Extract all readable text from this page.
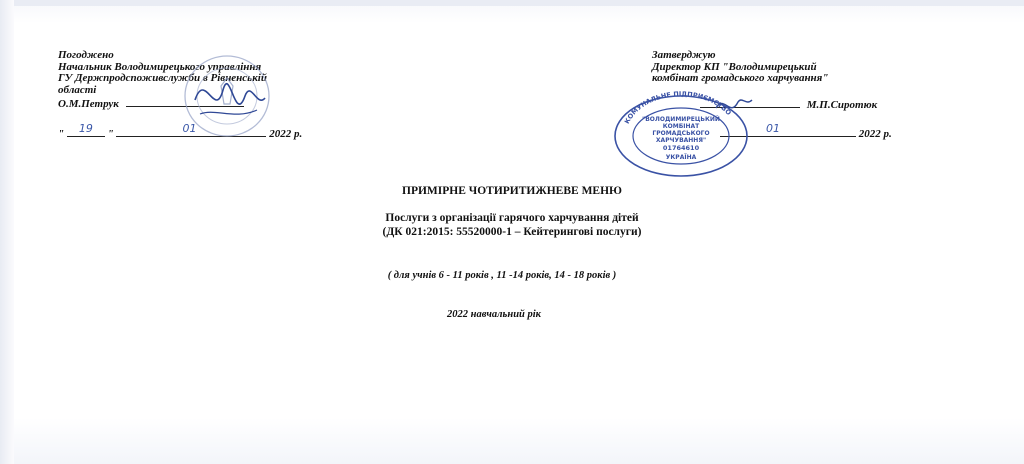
Погоджено
Начальник Володимирецького управління
ГУ Держпродспоживслужби в Рівненській
області
О.М.Петрук
" 19 "	01	2022 р.
Затверджую
Директор КП "Володимирецький
комбінат громадського харчування"
М.П.Сиротюк
01	2022 р.
КОМУНАЛЬНЕ ПІДПРИЄМСТВО
"ВОЛОДИМИРЕЦЬКИЙ
КОМБІНАТ
ГРОМАДСЬКОГО
ХАРЧУВАННЯ"
01764610
УКРАЇНА
ПРИМІРНЕ ЧОТИРИТИЖНЕВЕ МЕНЮ
Послуги з організації гарячого харчування дітей
(ДК 021:2015: 55520000-1 – Кейтерингові послуги)
( для учнів 6 - 11 років , 11 -14 років, 14 - 18 років )
2022 навчальний рік
